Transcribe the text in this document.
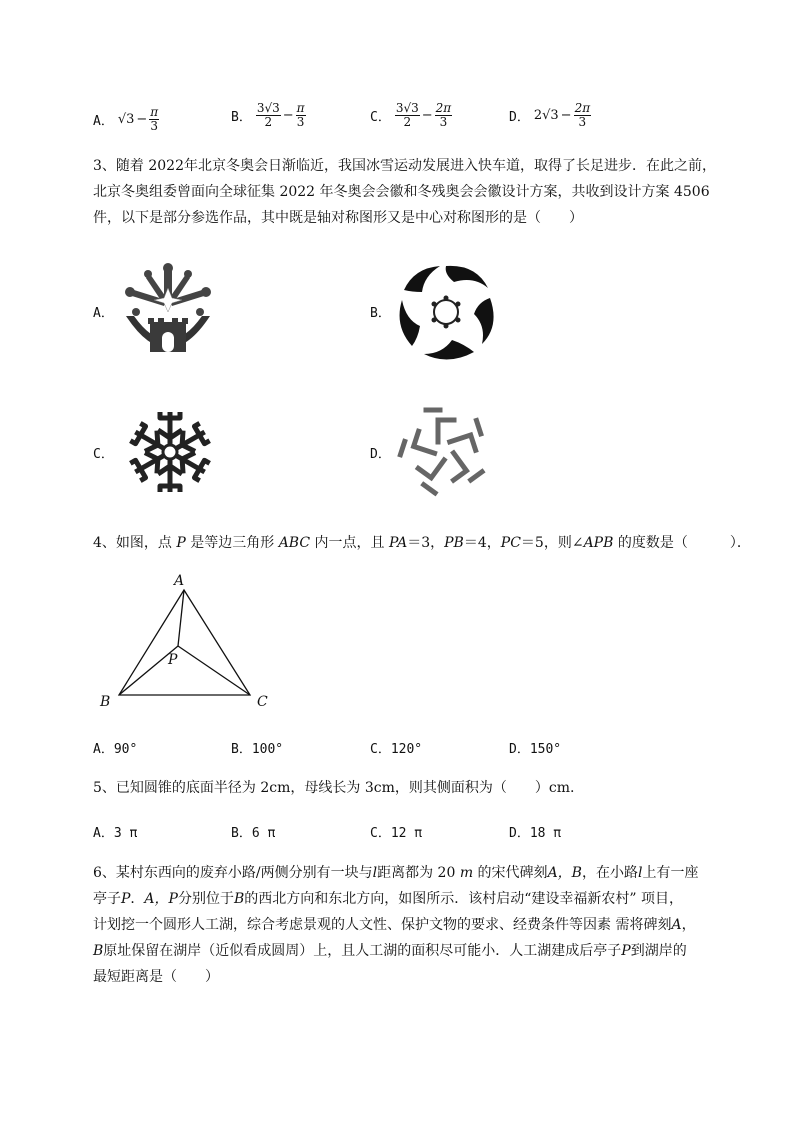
A． $√3 - \frac{\pi}{3}$	B． $\frac{3√3}{2} - \frac{\pi}{3}$	C． $\frac{3√3}{2} - \frac{2\pi}{3}$	D． $2√3 - \frac{2\pi}{3}$
3、随着 2022年北京冬奥会日渐临近，我国冰雪运动发展进入快车道，取得了长足进步．在此之前，
北京冬奥组委曾面向全球征集 2022 年冬奥会会徽和冬残奥会会徽设计方案，共收到设计方案 4506
件，以下是部分参选作品，其中既是轴对称图形又是中心对称图形的是（　　）
A．	B．
C．	D．
4、如图，点 P 是等边三角形 ABC 内一点，且 PA＝3，PB＝4，PC＝5，则∠APB 的度数是（　　　）．
A
B	C
P
A．90°	B．100°	C．120°	D．150°
5、已知圆锥的底面半径为 2cm，母线长为 3cm，则其侧面积为（　　）cm.
A．3 π	B．6 π	C．12 π	D．18 π
6、某村东西向的废弃小路/两侧分别有一块与l距离都为 20 m 的宋代碑刻A，B，在小路l上有一座
亭子P．A，P分别位于B的西北方向和东北方向，如图所示．该村启动“建设幸福新农村” 项目，
计划挖一个圆形人工湖，综合考虑景观的人文性、保护文物的要求、经费条件等因素 需将碑刻A，
B原址保留在湖岸（近似看成圆周）上，且人工湖的面积尽可能小．人工湖建成后亭子P到湖岸的
最短距离是（　　）
